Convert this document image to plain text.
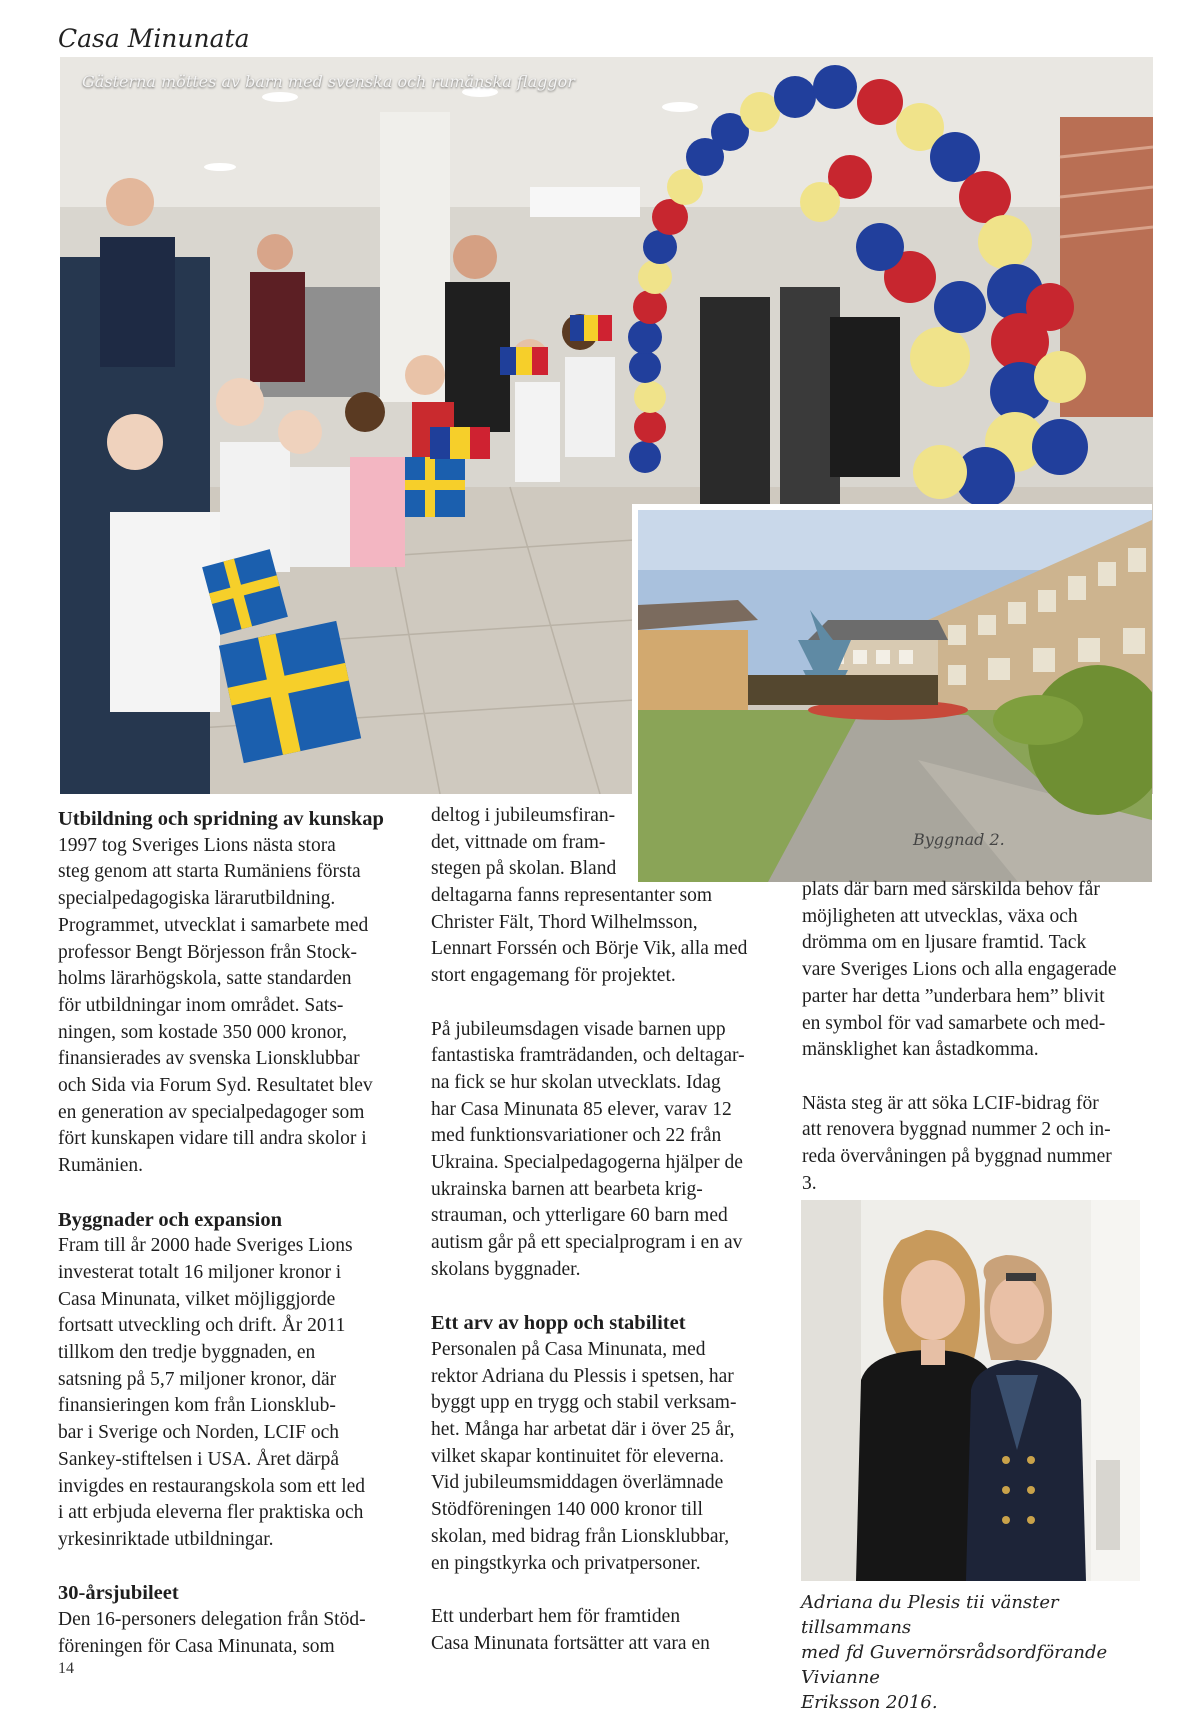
Casa Minunata
Gästerna möttes av barn med svenska och rumänska flaggor
Byggnad 2.

Adriana du Plesis tii vänster tillsammans
med fd Guvernörsrådsordförande Vivianne
Eriksson 2016.

Utbildning och spridning av kunskap

1997 tog Sveriges Lions nästa stora
steg genom att starta Rumäniens första
specialpedagogiska lärarutbildning.
Programmet, utvecklat i samarbete med
professor Bengt Börjesson från Stock-
holms lärarhögskola, satte standarden
för utbildningar inom området. Sats-
ningen, som kostade 350 000 kronor,
finansierades av svenska Lionsklubbar
och Sida via Forum Syd. Resultatet blev
en generation av specialpedagoger som
fört kunskapen vidare till andra skolor i
Rumänien.

Byggnader och expansion

Fram till år 2000 hade Sveriges Lions
investerat totalt 16 miljoner kronor i
Casa Minunata, vilket möjliggjorde
fortsatt utveckling och drift. År 2011
tillkom den tredje byggnaden, en
satsning på 5,7 miljoner kronor, där
finansieringen kom från Lionsklub-
bar i Sverige och Norden, LCIF och
Sankey-stiftelsen i USA. Året därpå
invigdes en restaurangskola som ett led
i att erbjuda eleverna fler praktiska och
yrkesinriktade utbildningar.

30-årsjubileet

Den 16-personers delegation från Stöd-
föreningen för Casa Minunata, som

deltog i jubileumsfiran-
det, vittnade om fram-
stegen på skolan. Bland

deltagarna fanns representanter som
Christer Fält, Thord Wilhelmsson,
Lennart Forssén och Börje Vik, alla med
stort engagemang för projektet.

På jubileumsdagen visade barnen upp
fantastiska framträdanden, och deltagar-
na fick se hur skolan utvecklats. Idag
har Casa Minunata 85 elever, varav 12
med funktionsvariationer och 22 från
Ukraina. Specialpedagogerna hjälper de
ukrainska barnen att bearbeta krig-
strauman, och ytterligare 60 barn med
autism går på ett specialprogram i en av
skolans byggnader.

Ett arv av hopp och stabilitet

Personalen på Casa Minunata, med
rektor Adriana du Plessis i spetsen, har
byggt upp en trygg och stabil verksam-
het. Många har arbetat där i över 25 år,
vilket skapar kontinuitet för eleverna.
Vid jubileumsmiddagen överlämnade
Stödföreningen 140 000 kronor till
skolan, med bidrag från Lionsklubbar,
en pingstkyrka och privatpersoner.

Ett underbart hem för framtiden
Casa Minunata fortsätter att vara en

plats där barn med särskilda behov får
möjligheten att utvecklas, växa och
drömma om en ljusare framtid. Tack
vare Sveriges Lions och alla engagerade
parter har detta ”underbara hem” blivit
en symbol för vad samarbete och med-
mänsklighet kan åstadkomma.

Nästa steg är att söka LCIF-bidrag för
att renovera byggnad nummer 2 och in-
reda övervåningen på byggnad nummer
3.

14
